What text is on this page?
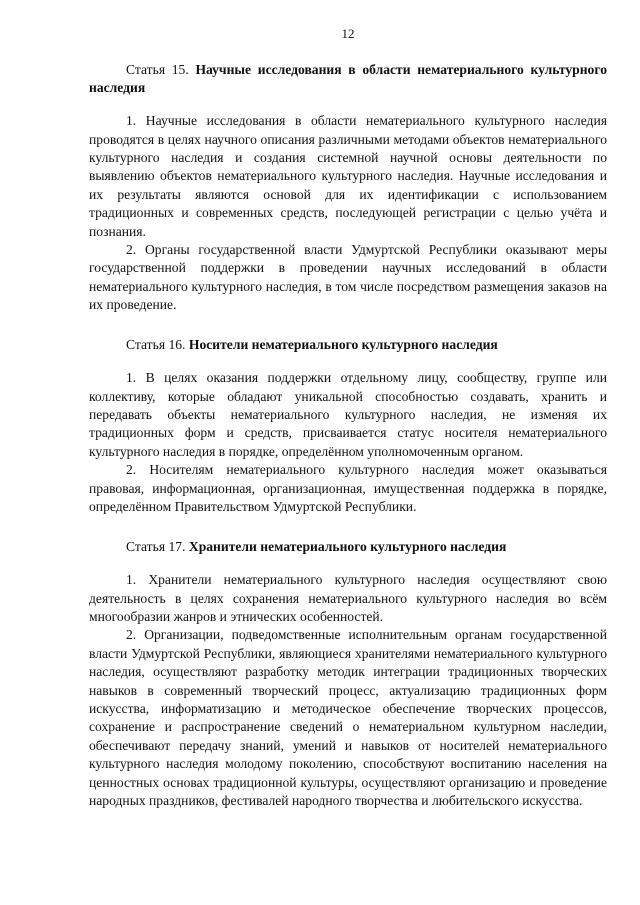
12
Статья 15. Научные исследования в области нематериального культурного наследия

1. Научные исследования в области нематериального культурного наследия проводятся в целях научного описания различными методами объектов нематериального культурного наследия и создания системной научной основы деятельности по выявлению объектов нематериального культурного наследия. Научные исследования и их результаты являются основой для их идентификации с использованием традиционных и современных средств, последующей регистрации с целью учёта и познания.

2. Органы государственной власти Удмуртской Республики оказывают меры государственной поддержки в проведении научных исследований в области нематериального культурного наследия, в том числе посредством размещения заказов на их проведение.

Статья 16. Носители нематериального культурного наследия

1. В целях оказания поддержки отдельному лицу, сообществу, группе или коллективу, которые обладают уникальной способностью создавать, хранить и передавать объекты нематериального культурного наследия, не изменяя их традиционных форм и средств, присваивается статус носителя нематериального культурного наследия в порядке, определённом уполномоченным органом.

2. Носителям нематериального культурного наследия может оказываться правовая, информационная, организационная, имущественная поддержка в порядке, определённом Правительством Удмуртской Республики.

Статья 17. Хранители нематериального культурного наследия

1. Хранители нематериального культурного наследия осуществляют свою деятельность в целях сохранения нематериального культурного наследия во всём многообразии жанров и этнических особенностей.

2. Организации, подведомственные исполнительным органам государственной власти Удмуртской Республики, являющиеся хранителями нематериального культурного наследия, осуществляют разработку методик интеграции традиционных творческих навыков в современный творческий процесс, актуализацию традиционных форм искусства, информатизацию и методическое обеспечение творческих процессов, сохранение и распространение сведений о нематериальном культурном наследии, обеспечивают передачу знаний, умений и навыков от носителей нематериального культурного наследия молодому поколению, способствуют воспитанию населения на ценностных основах традиционной культуры, осуществляют организацию и проведение народных праздников, фестивалей народного творчества и любительского искусства.
